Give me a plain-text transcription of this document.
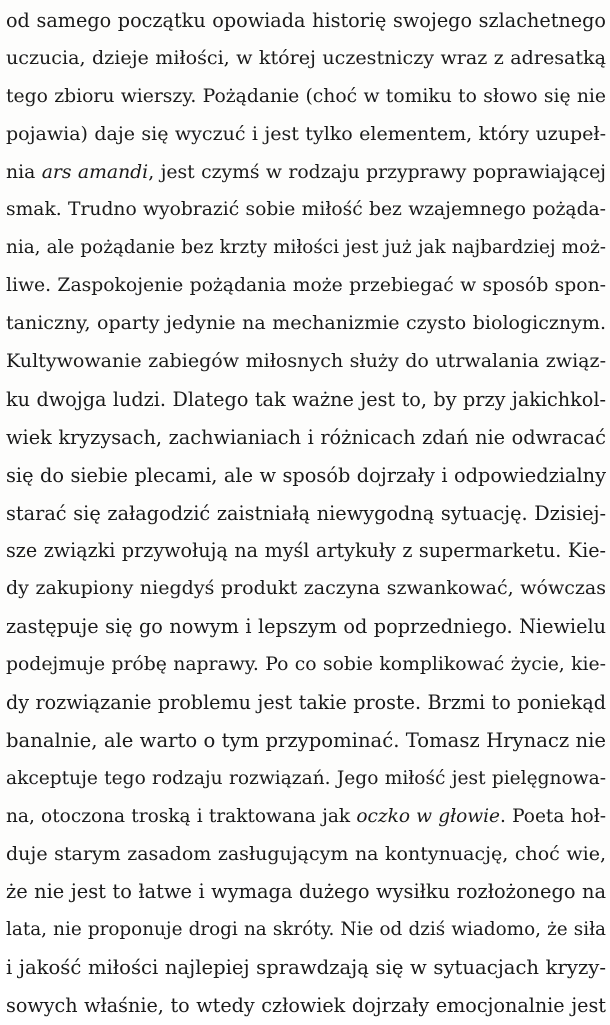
od samego początku opowiada historię swojego szlachetnego
uczucia, dzieje miłości, w której uczestniczy wraz z adresatką
tego zbioru wierszy. Pożądanie (choć w tomiku to słowo się nie
pojawia) daje się wyczuć i jest tylko elementem, który uzupeł-
nia ars amandi, jest czymś w rodzaju przyprawy poprawiającej
smak. Trudno wyobrazić sobie miłość bez wzajemnego pożąda-
nia, ale pożądanie bez krzty miłości jest już jak najbardziej moż-
liwe. Zaspokojenie pożądania może przebiegać w sposób spon-
taniczny, oparty jedynie na mechanizmie czysto biologicznym.
Kultywowanie zabiegów miłosnych służy do utrwalania związ-
ku dwojga ludzi. Dlatego tak ważne jest to, by przy jakichkol-
wiek kryzysach, zachwianiach i różnicach zdań nie odwracać
się do siebie plecami, ale w sposób dojrzały i odpowiedzialny
starać się załagodzić zaistniałą niewygodną sytuację. Dzisiej-
sze związki przywołują na myśl artykuły z supermarketu. Kie-
dy zakupiony niegdyś produkt zaczyna szwankować, wówczas
zastępuje się go nowym i lepszym od poprzedniego. Niewielu
podejmuje próbę naprawy. Po co sobie komplikować życie, kie-
dy rozwiązanie problemu jest takie proste. Brzmi to poniekąd
banalnie, ale warto o tym przypominać. Tomasz Hrynacz nie
akceptuje tego rodzaju rozwiązań. Jego miłość jest pielęgnowa-
na, otoczona troską i traktowana jak oczko w głowie. Poeta hoł-
duje starym zasadom zasługującym na kontynuację, choć wie,
że nie jest to łatwe i wymaga dużego wysiłku rozłożonego na
lata, nie proponuje drogi na skróty. Nie od dziś wiadomo, że siła
i jakość miłości najlepiej sprawdzają się w sytuacjach kryzy-
sowych właśnie, to wtedy człowiek dojrzały emocjonalnie jest
